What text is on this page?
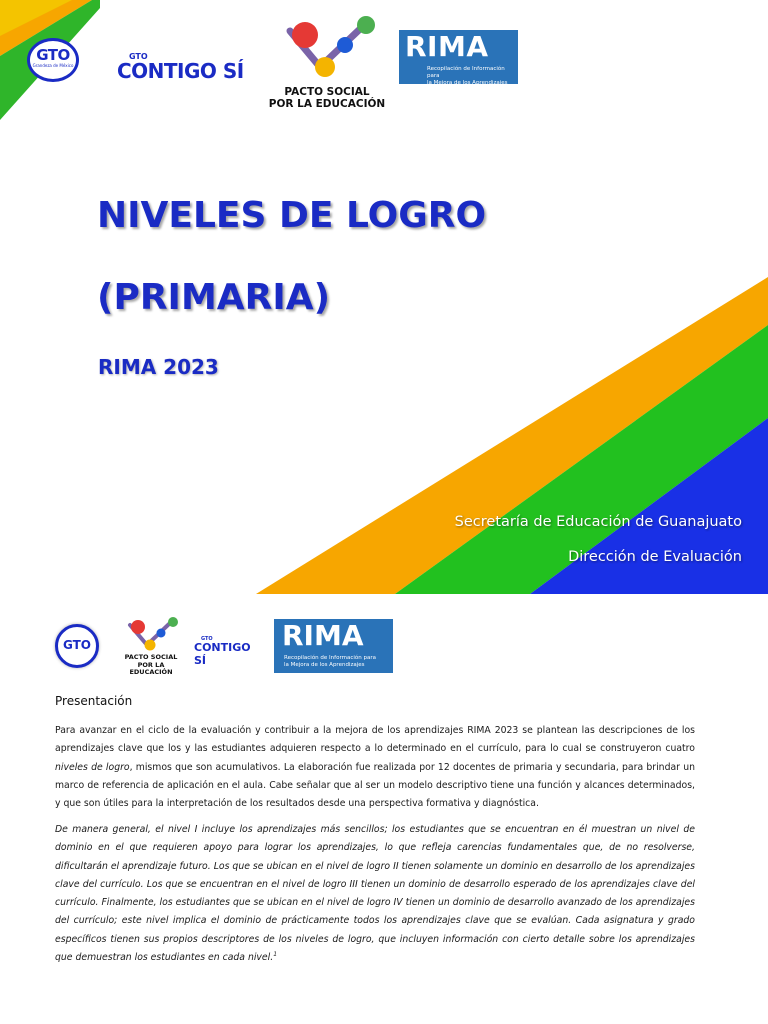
GTO
Grandeza de México
GTO
CONTIGO SÍ
PACTO SOCIAL
POR LA EDUCACIÓN
RIMA
Recopilación de Información para
la Mejora de los Aprendizajes
NIVELES DE LOGRO
(PRIMARIA)
RIMA 2023
Secretaría de Educación de Guanajuato
Dirección de Evaluación
GTO
PACTO SOCIAL
POR LA EDUCACIÓN
GTO
CONTIGO SÍ
RIMA
Recopilación de Información para
la Mejora de los Aprendizajes
Presentación

Para avanzar en el ciclo de la evaluación y contribuir a la mejora de los aprendizajes RIMA 2023 se plantean las descripciones de los aprendizajes clave que los y las estudiantes adquieren respecto a lo determinado en el currículo, para lo cual se construyeron cuatro niveles de logro, mismos que son acumulativos. La elaboración fue realizada por 12 docentes de primaria y secundaria, para brindar un marco de referencia de aplicación en el aula. Cabe señalar que al ser un modelo descriptivo tiene una función y alcances determinados, y que son útiles para la interpretación de los resultados desde una perspectiva formativa y diagnóstica.

De manera general, el nivel I incluye los aprendizajes más sencillos; los estudiantes que se encuentran en él muestran un nivel de dominio en el que requieren apoyo para lograr los aprendizajes, lo que refleja carencias fundamentales que, de no resolverse, dificultarán el aprendizaje futuro. Los que se ubican en el nivel de logro II tienen solamente un dominio en desarrollo de los aprendizajes clave del currículo. Los que se encuentran en el nivel de logro III tienen un dominio de desarrollo esperado de los aprendizajes clave del currículo. Finalmente, los estudiantes que se ubican en el nivel de logro IV tienen un dominio de desarrollo avanzado de los aprendizajes del currículo; este nivel implica el dominio de prácticamente todos los aprendizajes clave que se evalúan. Cada asignatura y grado específicos tienen sus propios descriptores de los niveles de logro, que incluyen información con cierto detalle sobre los aprendizajes que demuestran los estudiantes en cada nivel.$^1$
